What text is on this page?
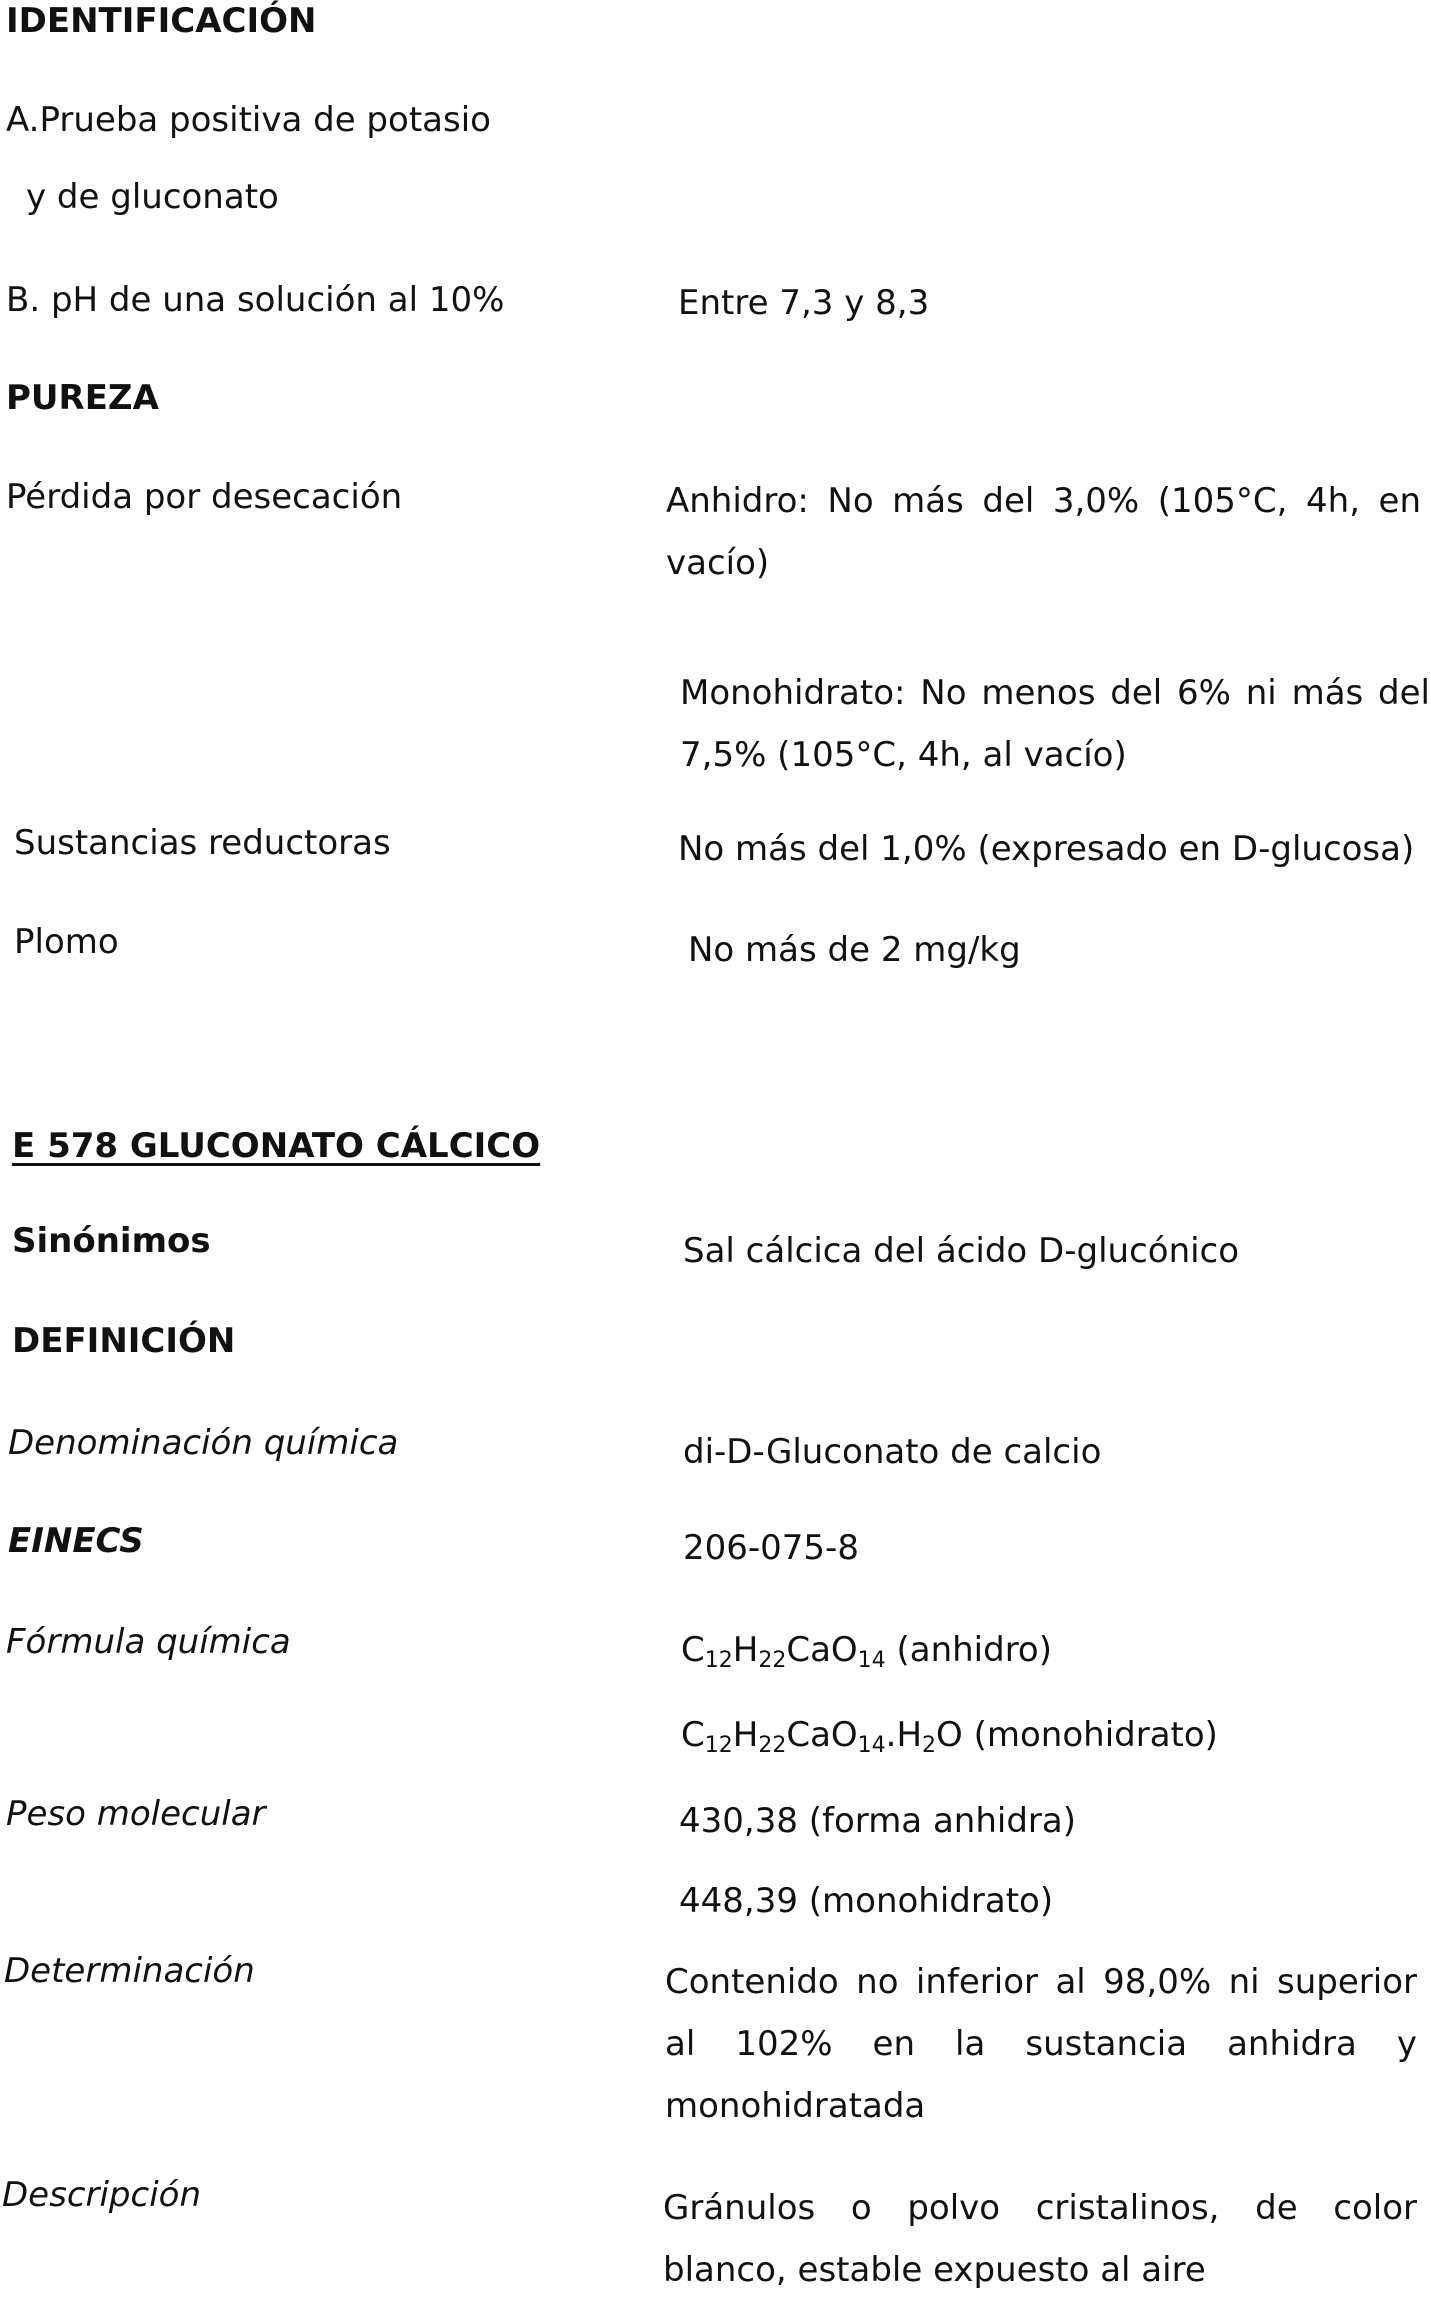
IDENTIFICACIÓN
A.Prueba positiva de potasio
y de gluconato
B. pH de una solución al 10%	Entre 7,3 y 8,3
PUREZA
Pérdida por desecación	Anhidro: No más del 3,0% (105°C, 4h, en vacío)
Monohidrato: No menos del 6% ni más del 7,5% (105°C, 4h, al vacío)
Sustancias reductoras	No más del 1,0% (expresado en D-glucosa)
Plomo	No más de 2 mg/kg
E 578 GLUCONATO CÁLCICO
Sinónimos	Sal cálcica del ácido D-glucónico
DEFINICIÓN
Denominación química	di-D-Gluconato de calcio
EINECS	206-075-8
Fórmula química	$C_{12}H_{22}CaO_{14}$ (anhidro)
$C_{12}H_{22}CaO_{14}.H_2O$ (monohidrato)
Peso molecular	430,38 (forma anhidra)
448,39 (monohidrato)
Determinación	Contenido no inferior al 98,0% ni superior al 102% en la sustancia anhidra y monohidratada
Descripción	Gránulos o polvo cristalinos, de color blanco, estable expuesto al aire
